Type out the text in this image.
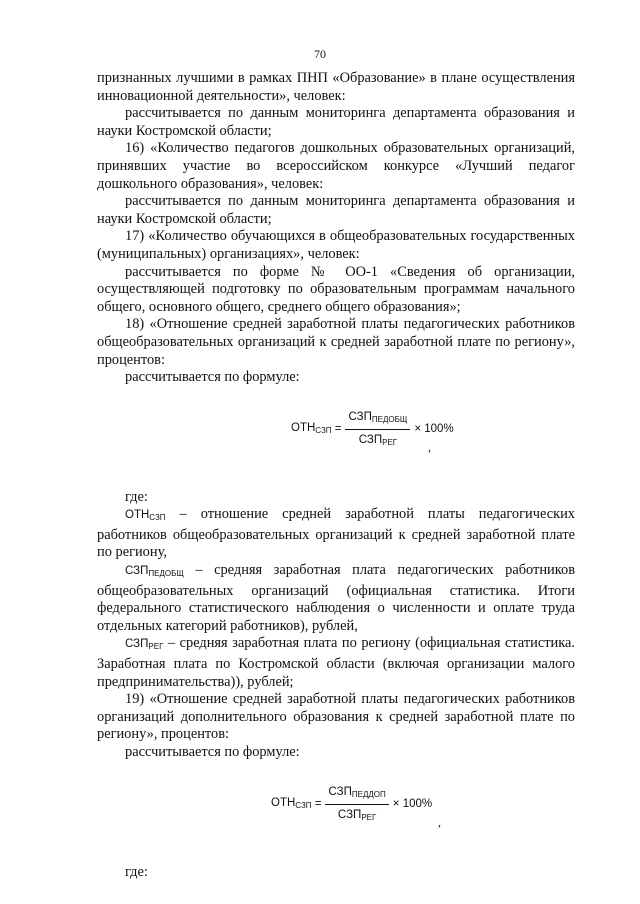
70

признанных лучшими в рамках ПНП «Образование» в плане осуществления инновационной деятельности», человек:

рассчитывается по данным мониторинга департамента образования и науки Костромской области;

16) «Количество педагогов дошкольных образовательных организаций, принявших участие во всероссийском конкурсе «Лучший педагог дошкольного образования», человек:

рассчитывается по данным мониторинга департамента образования и науки Костромской области;

17) «Количество обучающихся в общеобразовательных государственных (муниципальных) организациях», человек:

рассчитывается по форме № ОО-1 «Сведения об организации, осуществляющей подготовку по образовательным программам начального общего, основного общего, среднего общего образования»;

18) «Отношение средней заработной платы педагогических работников общеобразовательных организаций к средней заработной плате по региону», процентов:

рассчитывается по формуле:

$ОТН_{СЗП} = \frac{СЗП_{ПЕДОБЩ}}{СЗП_{РЕГ}} \times 100\%$
,

где:

$ОТН_{СЗП}$ – отношение средней заработной платы педагогических работников общеобразовательных организаций к средней заработной плате по региону,

$СЗП_{ПЕДОБЩ}$ – средняя заработная плата педагогических работников общеобразовательных организаций (официальная статистика. Итоги федерального статистического наблюдения о численности и оплате труда отдельных категорий работников), рублей,

$СЗП_{РЕГ}$ – средняя заработная плата по региону (официальная статистика. Заработная плата по Костромской области (включая организации малого предпринимательства)), рублей;

19) «Отношение средней заработной платы педагогических работников организаций дополнительного образования к средней заработной плате по региону», процентов:

рассчитывается по формуле:

$ОТН_{СЗП} = \frac{СЗП_{ПЕДДОП}}{СЗП_{РЕГ}} \times 100\%$
,

где:
